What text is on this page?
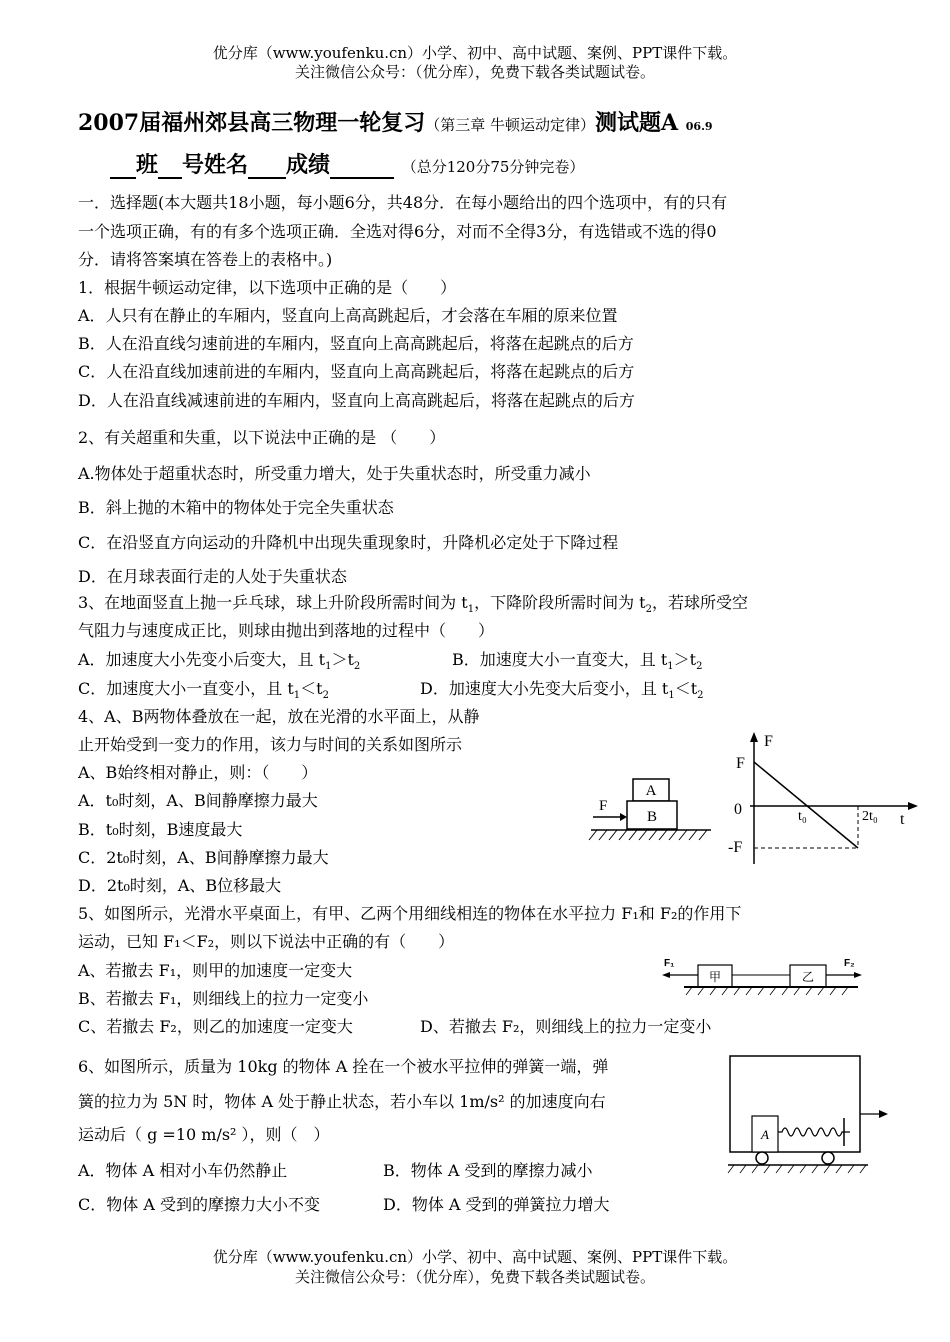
优分库（www.youfenku.cn）小学、初中、高中试题、案例、PPT课件下载。
关注微信公众号：（优分库），免费下载各类试题试卷。
2007届福州郊县高三物理一轮复习（第三章 牛顿运动定律）测试题A 06.9
班 号姓名 成绩	（总分120分75分钟完卷）
一．选择题(本大题共18小题，每小题6分，共48分．在每小题给出的四个选项中，有的只有
一个选项正确，有的有多个选项正确．全选对得6分，对而不全得3分，有选错或不选的得0
分．请将答案填在答卷上的表格中。)
1．根据牛顿运动定律，以下选项中正确的是（　　）
A．人只有在静止的车厢内，竖直向上高高跳起后，才会落在车厢的原来位置
B．人在沿直线匀速前进的车厢内，竖直向上高高跳起后，将落在起跳点的后方
C．人在沿直线加速前进的车厢内，竖直向上高高跳起后，将落在起跳点的后方
D．人在沿直线减速前进的车厢内，竖直向上高高跳起后，将落在起跳点的后方
2、有关超重和失重，以下说法中正确的是 （　　）
A.物体处于超重状态时，所受重力增大，处于失重状态时，所受重力减小
B．斜上抛的木箱中的物体处于完全失重状态
C．在沿竖直方向运动的升降机中出现失重现象时，升降机必定处于下降过程
D．在月球表面行走的人处于失重状态
3、在地面竖直上抛一乒乓球，球上升阶段所需时间为 $t_1$，下降阶段所需时间为 $t_2$，若球所受空
气阻力与速度成正比，则球由抛出到落地的过程中（　　）
A．加速度大小先变小后变大，且 $t_1>t_2$	B．加速度大小一直变大，且 $t_1>t_2$
C．加速度大小一直变小，且 $t_1<t_2$	D．加速度大小先变大后变小，且 $t_1<t_2$
4、A、B两物体叠放在一起，放在光滑的水平面上，从静
止开始受到一变力的作用，该力与时间的关系如图所示
A、B始终相对静止，则：（　　）
A．t₀时刻，A、B间静摩擦力最大
B．t₀时刻，B速度最大
C．2t₀时刻，A、B间静摩擦力最大
D．2t₀时刻，A、B位移最大
A
B
F
F
F
0
t
-F
t₀	2t₀
5、如图所示，光滑水平桌面上，有甲、乙两个用细线相连的物体在水平拉力 F₁和 F₂的作用下
运动，已知 F₁＜F₂，则以下说法中正确的有（　　）
A、若撤去 F₁，则甲的加速度一定变大
B、若撤去 F₁，则细线上的拉力一定变小
C、若撤去 F₂，则乙的加速度一定变大	D、若撤去 F₂，则细线上的拉力一定变小
F₁	F₂
甲	乙
6、如图所示，质量为 10kg 的物体 A 拴在一个被水平拉伸的弹簧一端，弹
簧的拉力为 5N 时，物体 A 处于静止状态，若小车以 1m/s² 的加速度向右
运动后（ g =10 m/s² ），则（　）
A．物体 A 相对小车仍然静止	B．物体 A 受到的摩擦力减小
C．物体 A 受到的摩擦力大小不变	D．物体 A 受到的弹簧拉力增大
A
优分库（www.youfenku.cn）小学、初中、高中试题、案例、PPT课件下载。
关注微信公众号：（优分库），免费下载各类试题试卷。
